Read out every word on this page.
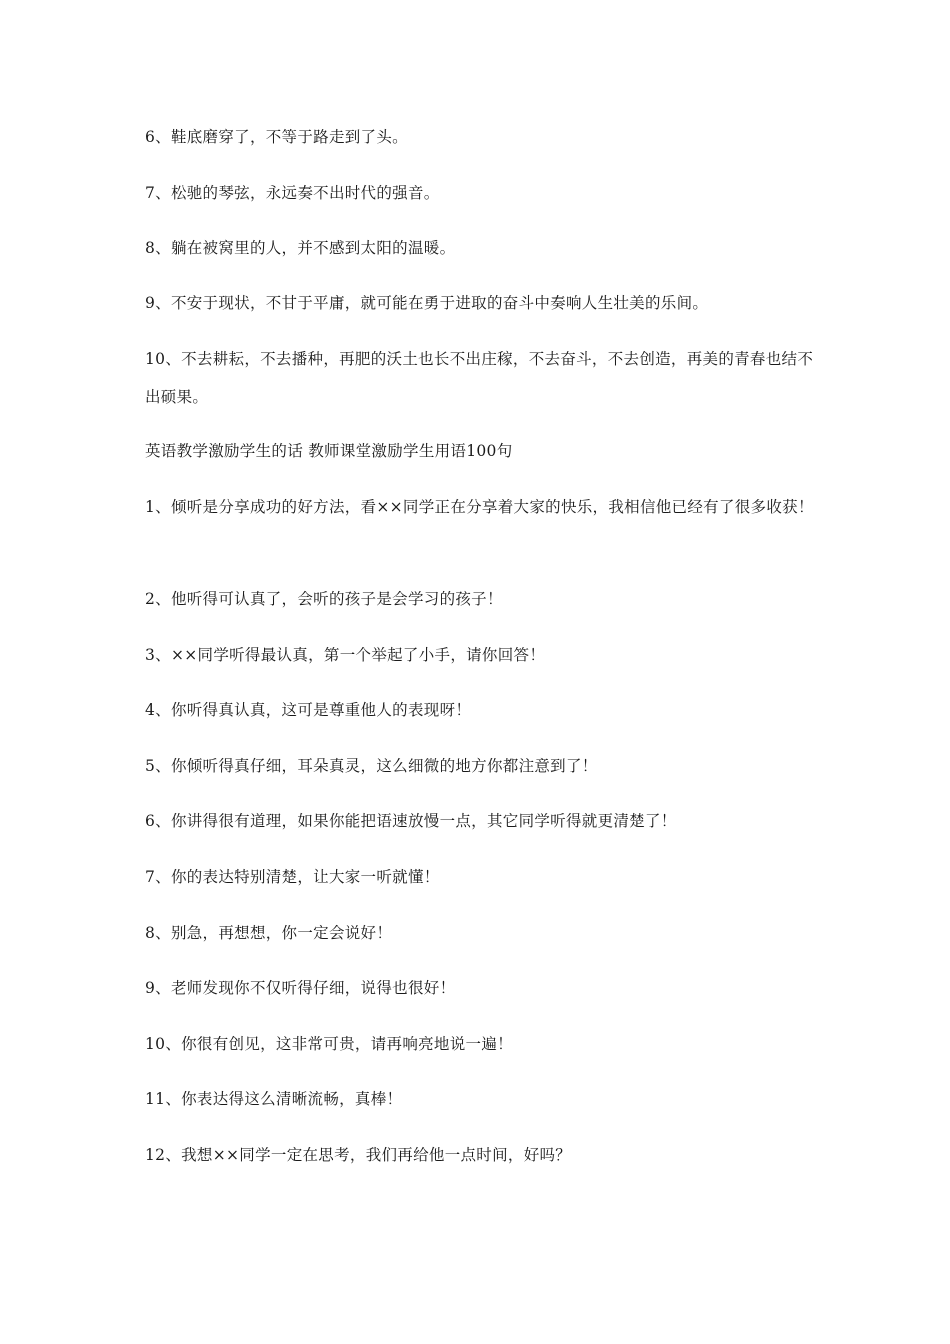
6、鞋底磨穿了，不等于路走到了头。

7、松驰的琴弦，永远奏不出时代的强音。

8、躺在被窝里的人，并不感到太阳的温暖。

9、不安于现状，不甘于平庸，就可能在勇于进取的奋斗中奏响人生壮美的乐间。

10、不去耕耘，不去播种，再肥的沃土也长不出庄稼，不去奋斗，不去创造，再美的青春也结不出硕果。

英语教学激励学生的话 教师课堂激励学生用语100句

1、倾听是分享成功的好方法，看××同学正在分享着大家的快乐，我相信他已经有了很多收获！

2、他听得可认真了，会听的孩子是会学习的孩子！

3、××同学听得最认真，第一个举起了小手，请你回答！

4、你听得真认真，这可是尊重他人的表现呀！

5、你倾听得真仔细，耳朵真灵，这么细微的地方你都注意到了！

6、你讲得很有道理，如果你能把语速放慢一点，其它同学听得就更清楚了！

7、你的表达特别清楚，让大家一听就懂！

8、别急，再想想，你一定会说好！

9、老师发现你不仅听得仔细，说得也很好！

10、你很有创见，这非常可贵，请再响亮地说一遍！

11、你表达得这么清晰流畅，真棒！

12、我想××同学一定在思考，我们再给他一点时间，好吗？
